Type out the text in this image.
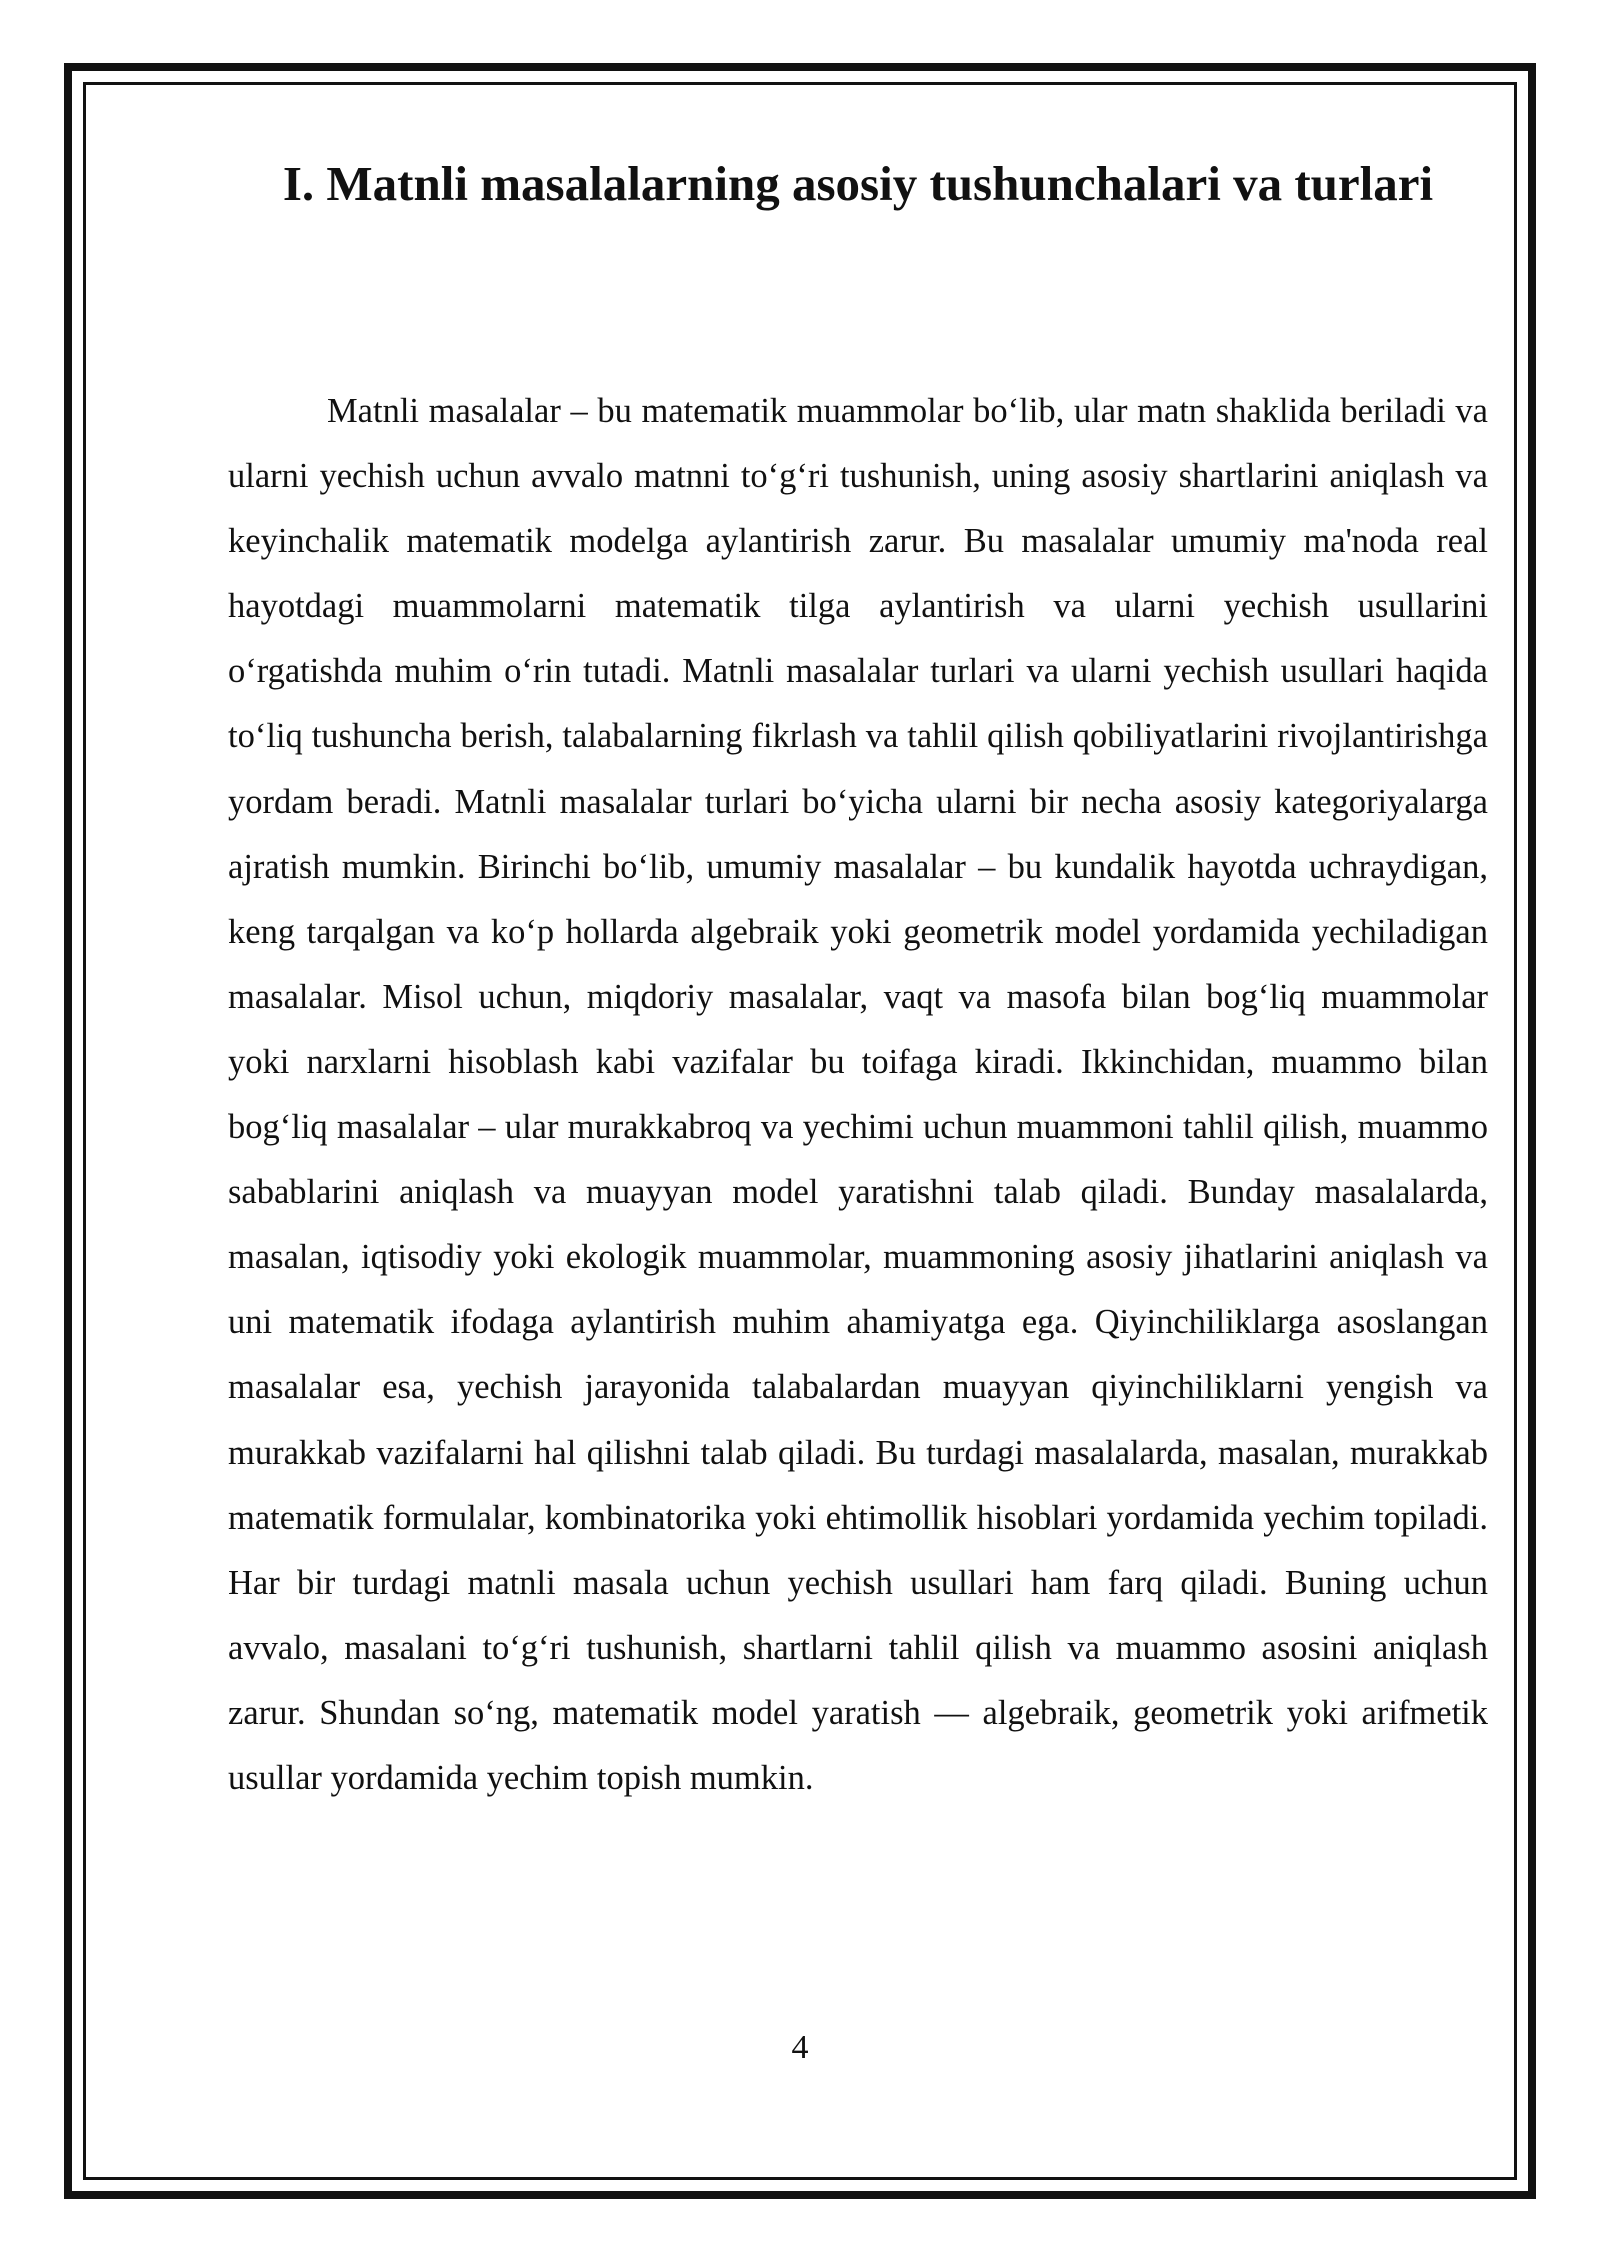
I. Matnli masalalarning asosiy tushunchalari va turlari

Matnli masalalar – bu matematik muammolar bo‘lib, ular matn shaklida beriladi va ularni yechish uchun avvalo matnni to‘g‘ri tushunish, uning asosiy shartlarini aniqlash va keyinchalik matematik modelga aylantirish zarur. Bu masalalar umumiy ma'noda real hayotdagi muammolarni matematik tilga aylantirish va ularni yechish usullarini o‘rgatishda muhim o‘rin tutadi. Matnli masalalar turlari va ularni yechish usullari haqida to‘liq tushuncha berish, talabalarning fikrlash va tahlil qilish qobiliyatlarini rivojlantirishga yordam beradi. Matnli masalalar turlari bo‘yicha ularni bir necha asosiy kategoriyalarga ajratish mumkin. Birinchi bo‘lib, umumiy masalalar – bu kundalik hayotda uchraydigan, keng tarqalgan va ko‘p hollarda algebraik yoki geometrik model yordamida yechiladigan masalalar. Misol uchun, miqdoriy masalalar, vaqt va masofa bilan bog‘liq muammolar yoki narxlarni hisoblash kabi vazifalar bu toifaga kiradi. Ikkinchidan, muammo bilan bog‘liq masalalar – ular murakkabroq va yechimi uchun muammoni tahlil qilish, muammo sabablarini aniqlash va muayyan model yaratishni talab qiladi. Bunday masalalarda, masalan, iqtisodiy yoki ekologik muammolar, muammoning asosiy jihatlarini aniqlash va uni matematik ifodaga aylantirish muhim ahamiyatga ega. Qiyinchiliklarga asoslangan masalalar esa, yechish jarayonida talabalardan muayyan qiyinchiliklarni yengish va murakkab vazifalarni hal qilishni talab qiladi. Bu turdagi masalalarda, masalan, murakkab matematik formulalar, kombinatorika yoki ehtimollik hisoblari yordamida yechim topiladi. Har bir turdagi matnli masala uchun yechish usullari ham farq qiladi. Buning uchun avvalo, masalani to‘g‘ri tushunish, shartlarni tahlil qilish va muammo asosini aniqlash zarur. Shundan so‘ng, matematik model yaratish — algebraik, geometrik yoki arifmetik usullar yordamida yechim topish mumkin.

4
